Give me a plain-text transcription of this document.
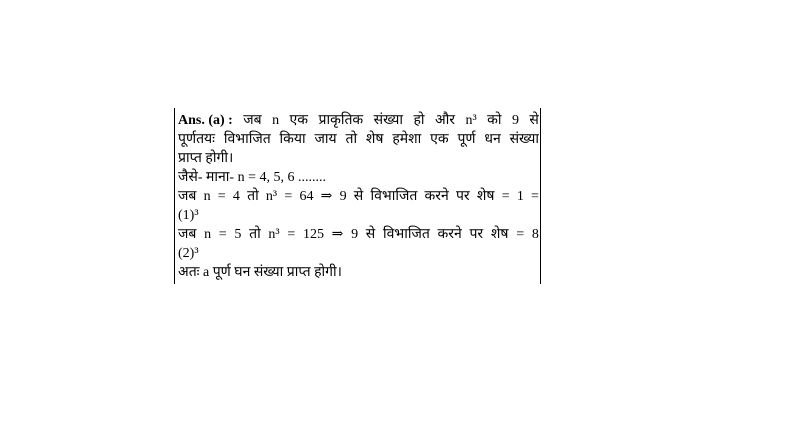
Ans. (a) : जब n एक प्राकृतिक संख्या हो और n³ को 9 से
पूर्णतयः विभाजित किया जाय तो शेष हमेशा एक पूर्ण धन संख्या
प्राप्त होगी।
जैसे- माना- n = 4, 5, 6 ........
जब n = 4 तो n³ = 64 ⇒ 9 से विभाजित करने पर शेष = 1 =
(1)³
जब n = 5 तो n³ = 125 ⇒ 9 से विभाजित करने पर शेष = 8
(2)³
अतः a पूर्ण घन संख्या प्राप्त होगी।
